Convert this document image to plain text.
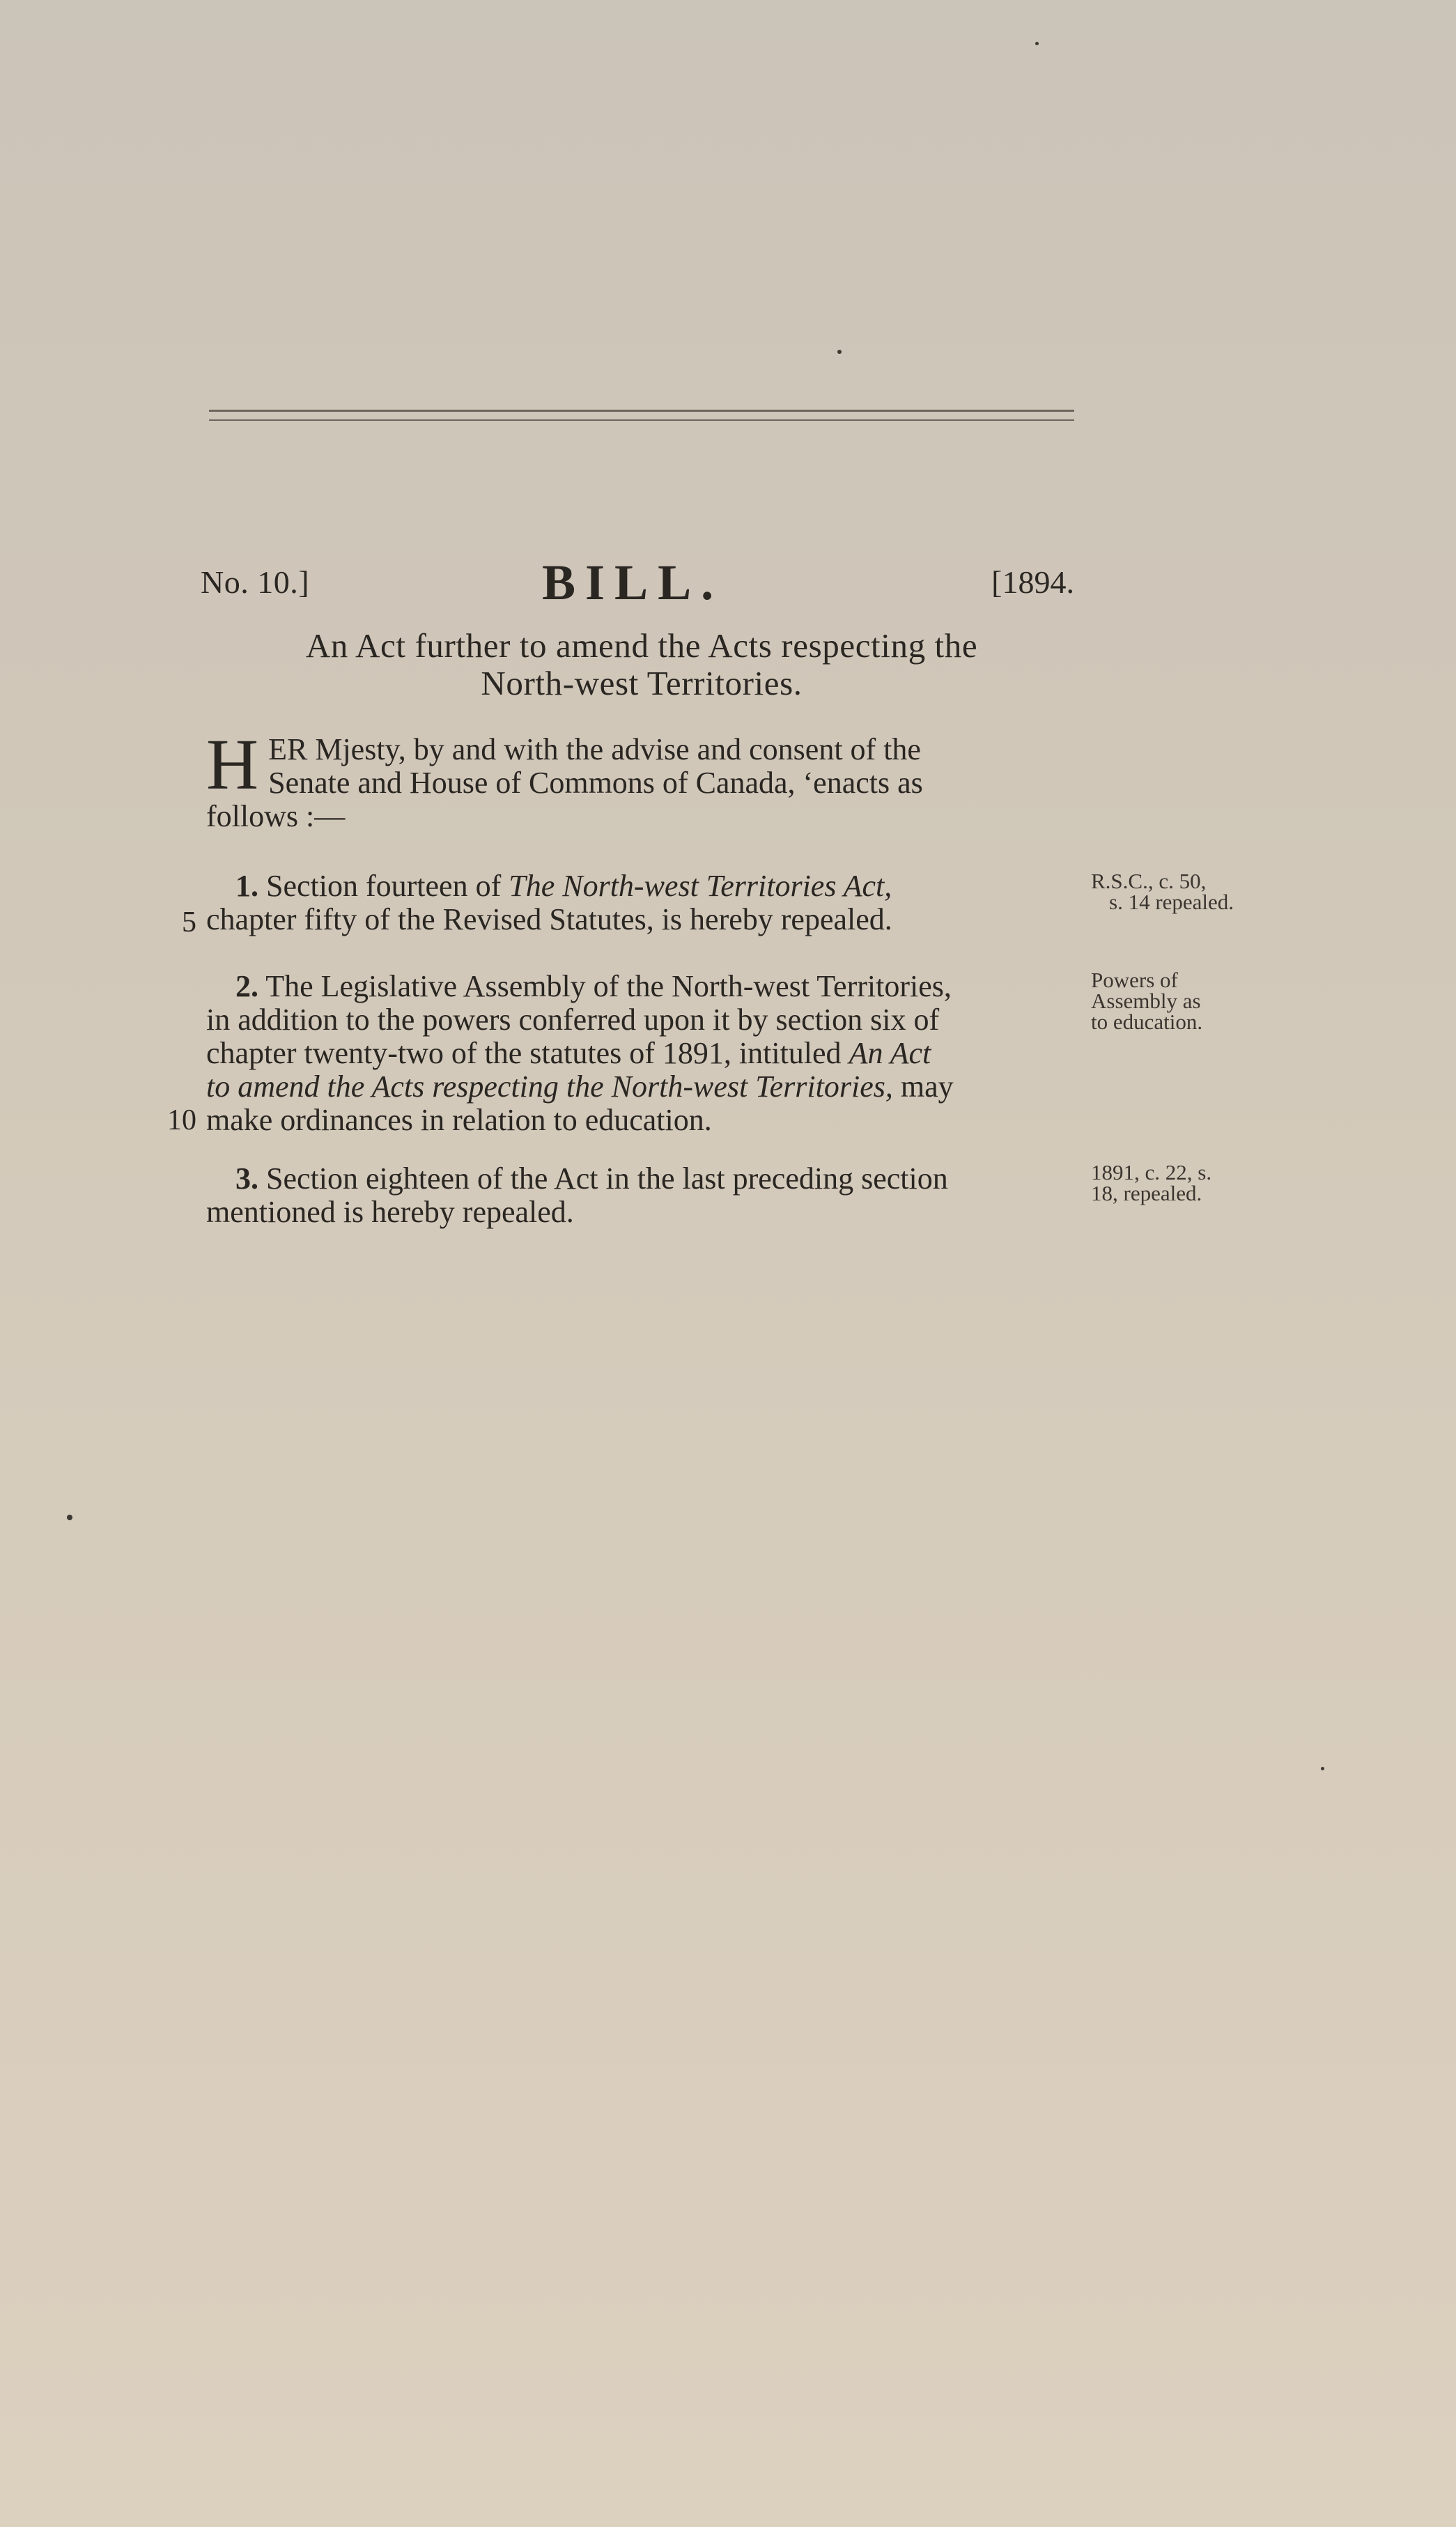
No. 10.]	BILL.	[1894.
An Act further to amend the Acts respecting the
North-west Territories.
H ER Mjesty, by and with the advise and consent of the
Senate and House of Commons of Canada, ‘enacts as
follows :—
1. Section fourteen of The North-west Territories Act,
chapter fifty of the Revised Statutes, is hereby repealed.
R.S.C., c. 50,
s. 14 repealed.
2. The Legislative Assembly of the North-west Territories,
in addition to the powers conferred upon it by section six of
chapter twenty-two of the statutes of 1891, intituled An Act
to amend the Acts respecting the North-west Territories, may
make ordinances in relation to education.
Powers of
Assembly as
to education.
3. Section eighteen of the Act in the last preceding section
mentioned is hereby repealed.
1891, c. 22, s.
18, repealed.
5
10
